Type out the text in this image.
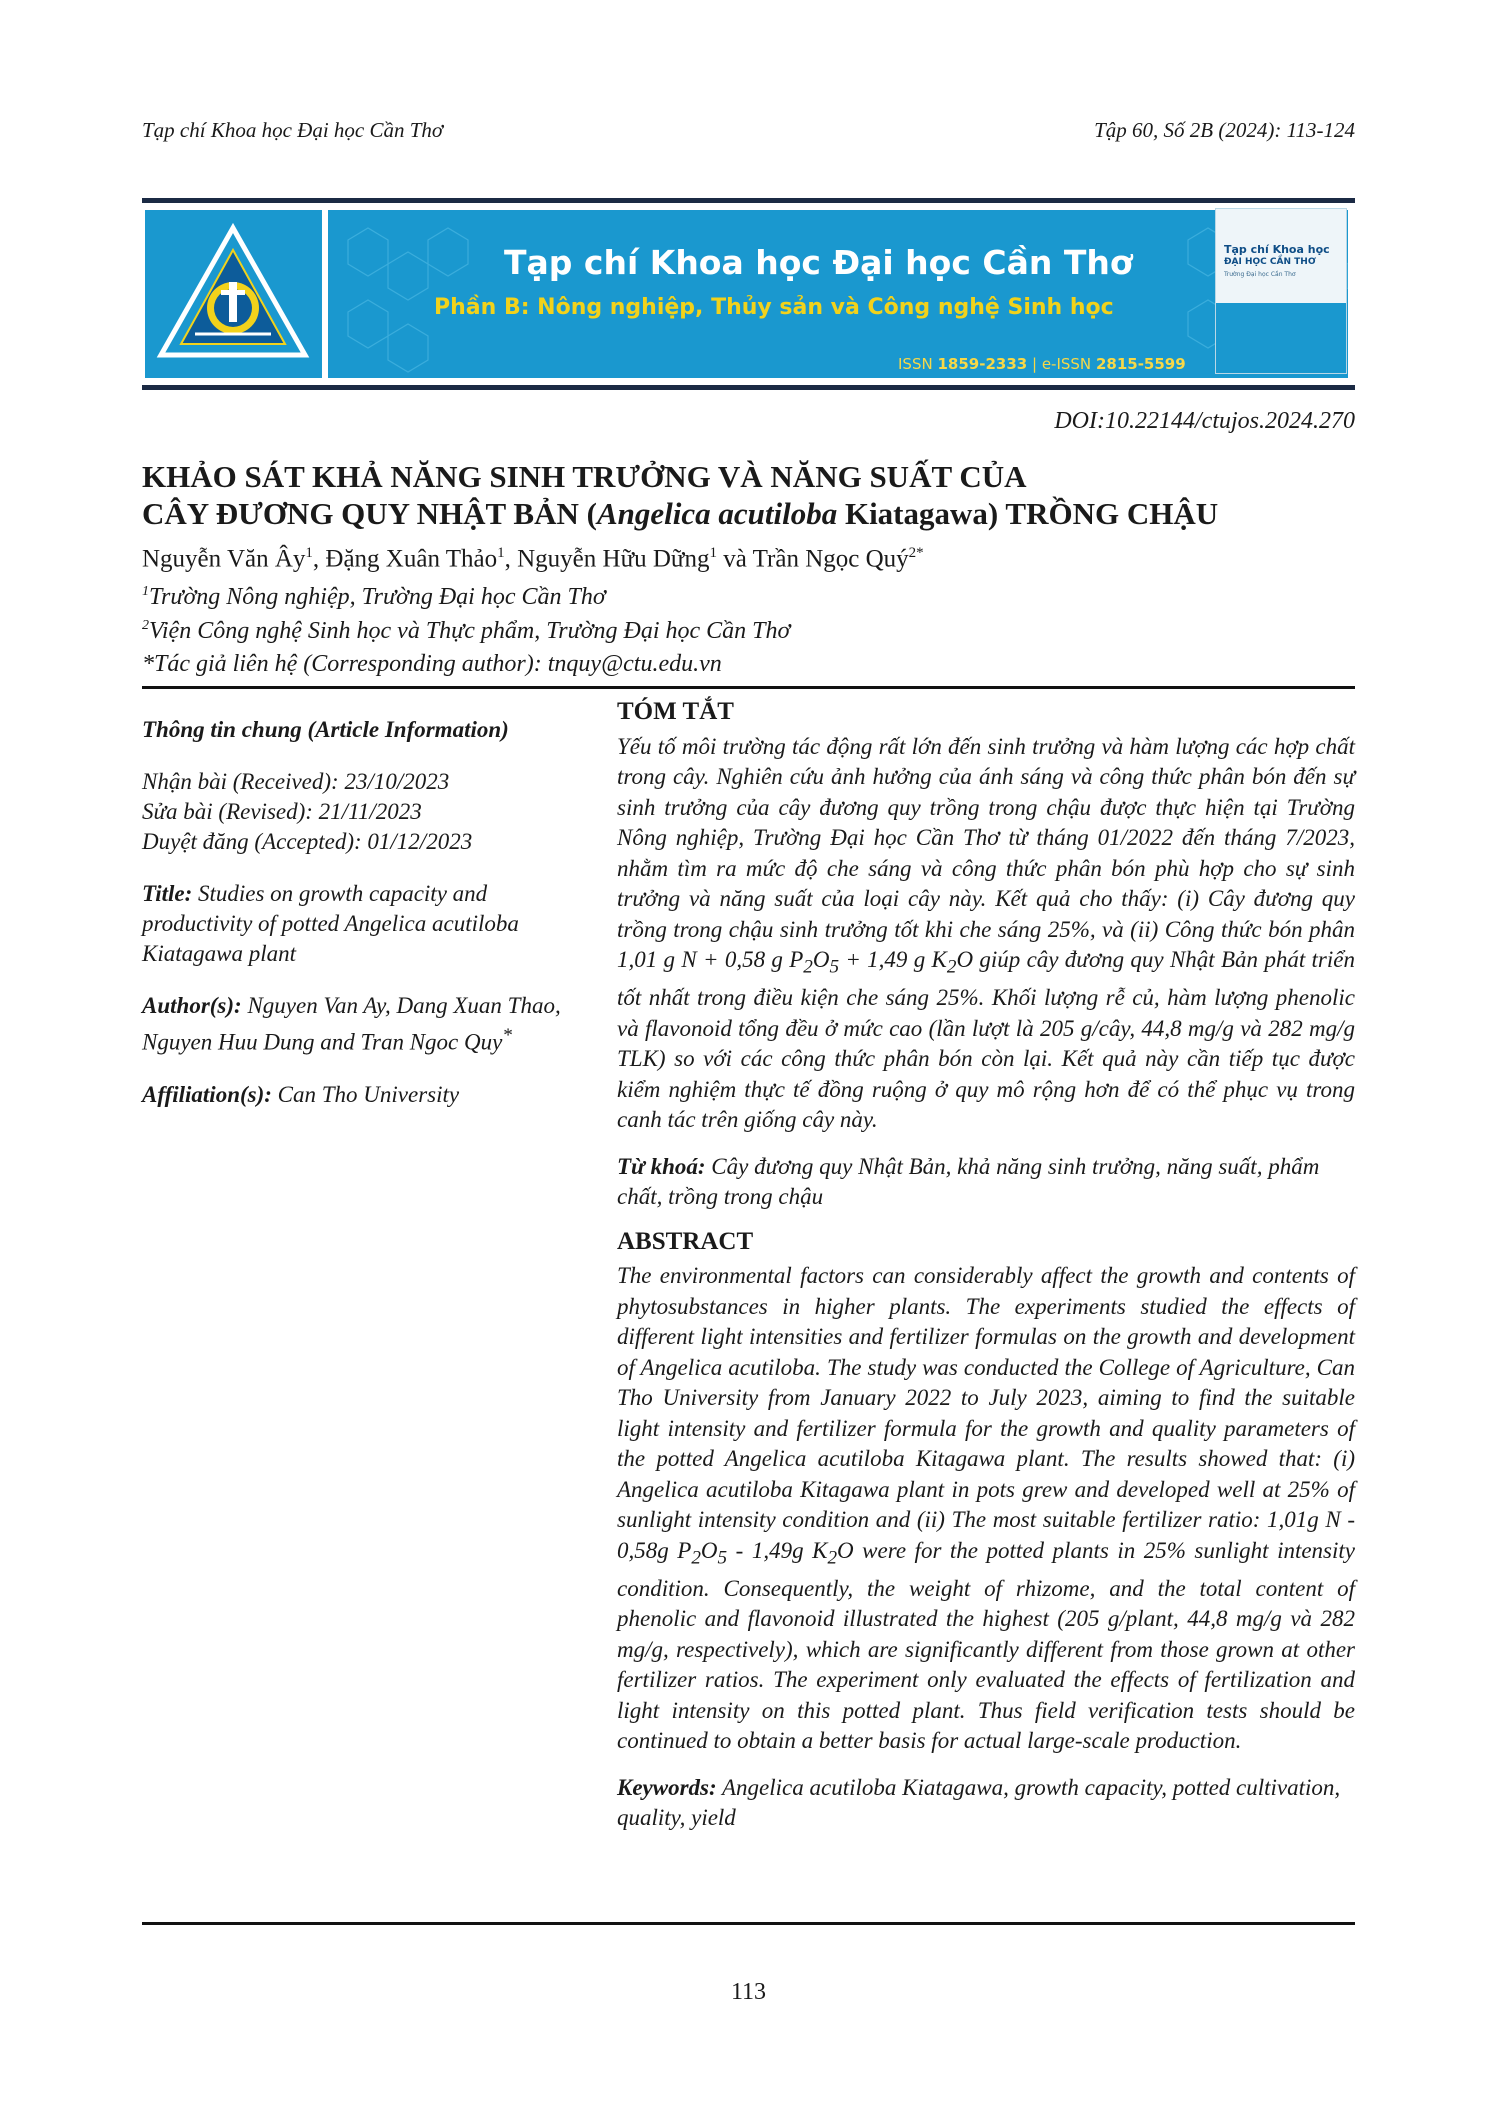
Tạp chí Khoa học Đại học Cần Thơ	Tập 60, Số 2B (2024): 113-124
Tạp chí Khoa học Đại học Cần Thơ
Phần B: Nông nghiệp, Thủy sản và Công nghệ Sinh học
ISSN 1859-2333 | e-ISSN 2815-5599
Tạp chí Khoa học
ĐẠI HỌC CẦN THƠ
Trường Đại học Cần Thơ
DOI:10.22144/ctujos.2024.270
KHẢO SÁT KHẢ NĂNG SINH TRƯỞNG VÀ NĂNG SUẤT CỦA
CÂY ĐƯƠNG QUY NHẬT BẢN (Angelica acutiloba Kiatagawa) TRỒNG CHẬU
Nguyễn Văn $Ây^1$, Đặng Xuân Thảo$^1$, Nguyễn Hữu Dững$^1$ và Trần Ngọc Quý$^{2*}$
$^1$Trường Nông nghiệp, Trường Đại học Cần Thơ
$^2$Viện Công nghệ Sinh học và Thực phẩm, Trường Đại học Cần Thơ
*Tác giả liên hệ (Corresponding author): tnquy@ctu.edu.vn

Thông tin chung (Article Information)

Nhận bài (Received): 23/10/2023
Sửa bài (Revised): 21/11/2023
Duyệt đăng (Accepted): 01/12/2023

Title: Studies on growth capacity and productivity of potted Angelica acutiloba Kiatagawa plant

Author(s): Nguyen Van Ay, Dang Xuan Thao, Nguyen Huu Dung and Tran Ngoc Quy*

Affiliation(s): Can Tho University

TÓM TẮT

Yếu tố môi trường tác động rất lớn đến sinh trưởng và hàm lượng các hợp chất trong cây. Nghiên cứu ảnh hưởng của ánh sáng và công thức phân bón đến sự sinh trưởng của cây đương quy trồng trong chậu được thực hiện tại Trường Nông nghiệp, Trường Đại học Cần Thơ từ tháng 01/2022 đến tháng 7/2023, nhằm tìm ra mức độ che sáng và công thức phân bón phù hợp cho sự sinh trưởng và năng suất của loại cây này. Kết quả cho thấy: (i) Cây đương quy trồng trong chậu sinh trưởng tốt khi che sáng 25%, và (ii) Công thức bón phân 1,01 g N + 0,58 g $P_2O_5 + 1,49$ g $K_2O$ giúp cây đương quy Nhật Bản phát triển tốt nhất trong điều kiện che sáng 25%. Khối lượng rễ củ, hàm lượng phenolic và flavonoid tổng đều ở mức cao (lần lượt là 205 g/cây, 44,8 mg/g và 282 mg/g TLK) so với các công thức phân bón còn lại. Kết quả này cần tiếp tục được kiểm nghiệm thực tế đồng ruộng ở quy mô rộng hơn để có thể phục vụ trong canh tác trên giống cây này.

Từ khoá: Cây đương quy Nhật Bản, khả năng sinh trưởng, năng suất, phẩm chất, trồng trong chậu

ABSTRACT

The environmental factors can considerably affect the growth and contents of phytosubstances in higher plants. The experiments studied the effects of different light intensities and fertilizer formulas on the growth and development of Angelica acutiloba. The study was conducted the College of Agriculture, Can Tho University from January 2022 to July 2023, aiming to find the suitable light intensity and fertilizer formula for the growth and quality parameters of the potted Angelica acutiloba Kitagawa plant. The results showed that: (i) Angelica acutiloba Kitagawa plant in pots grew and developed well at 25% of sunlight intensity condition and (ii) The most suitable fertilizer ratio: 1,01g N - 0,58g $P_2O_5 - 1,49g$ $K_2O$ were for the potted plants in 25% sunlight intensity condition. Consequently, the weight of rhizome, and the total content of phenolic and flavonoid illustrated the highest (205 g/plant, 44,8 mg/g và 282 mg/g, respectively), which are significantly different from those grown at other fertilizer ratios. The experiment only evaluated the effects of fertilization and light intensity on this potted plant. Thus field verification tests should be continued to obtain a better basis for actual large-scale production.

Keywords: Angelica acutiloba Kiatagawa, growth capacity, potted cultivation, quality, yield

113
